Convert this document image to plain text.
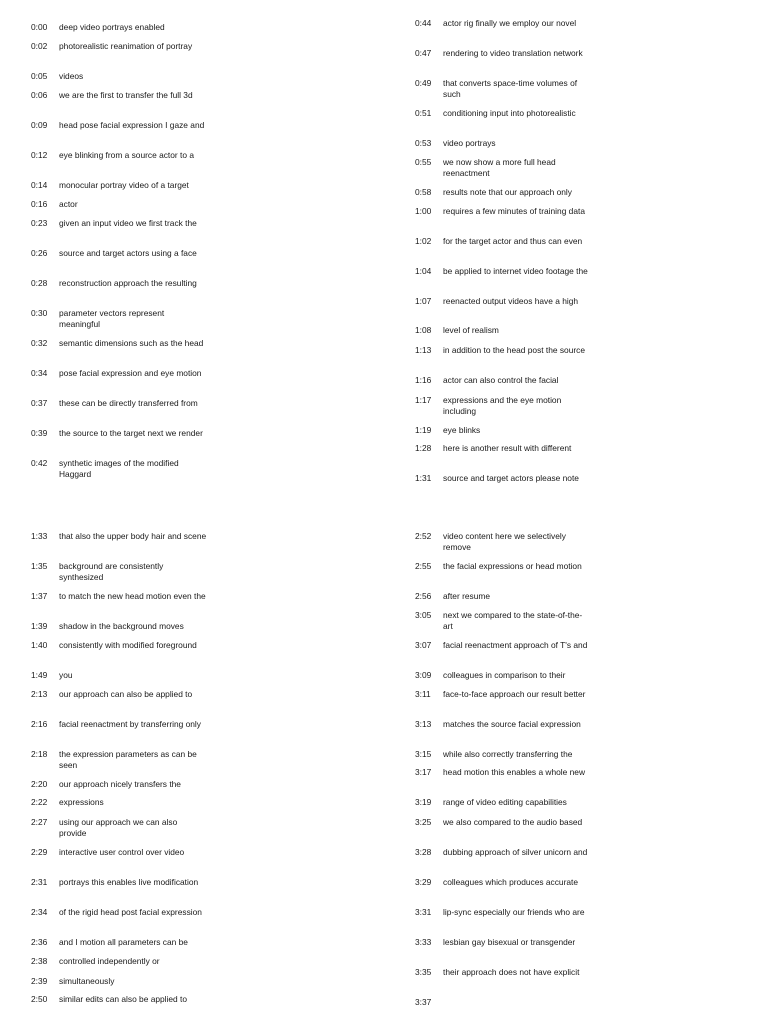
0:00	deep video portrays enabled
0:02	photorealistic reanimation of portray
0:05	videos
0:06	we are the first to transfer the full 3d
0:09	head pose facial expression I gaze and
0:12	eye blinking from a source actor to a
0:14	monocular portray video of a target
0:16	actor
0:23	given an input video we first track the
0:26	source and target actors using a face
0:28	reconstruction approach the resulting
0:30	parameter vectors represent meaningful
0:32	semantic dimensions such as the head
0:34	pose facial expression and eye motion
0:37	these can be directly transferred from
0:39	the source to the target next we render
0:42	synthetic images of the modified Haggard
0:44	actor rig finally we employ our novel
0:47	rendering to video translation network
0:49	that converts space-time volumes of such
0:51	conditioning input into photorealistic
0:53	video portrays
0:55	we now show a more full head reenactment
0:58	results note that our approach only
1:00	requires a few minutes of training data
1:02	for the target actor and thus can even
1:04	be applied to internet video footage the
1:07	reenacted output videos have a high
1:08	level of realism
1:13	in addition to the head post the source
1:16	actor can also control the facial
1:17	expressions and the eye motion including
1:19	eye blinks
1:28	here is another result with different
1:31	source and target actors please note
1:33	that also the upper body hair and scene
1:35	background are consistently synthesized
1:37	to match the new head motion even the
1:39	shadow in the background moves
1:40	consistently with modified foreground
1:49	you
2:13	our approach can also be applied to
2:16	facial reenactment by transferring only
2:18	the expression parameters as can be seen
2:20	our approach nicely transfers the
2:22	expressions
2:27	using our approach we can also provide
2:29	interactive user control over video
2:31	portrays this enables live modification
2:34	of the rigid head post facial expression
2:36	and I motion all parameters can be
2:38	controlled independently or
2:39	simultaneously
2:50	similar edits can also be applied to
2:52	video content here we selectively remove
2:55	the facial expressions or head motion
2:56	after resume
3:05	next we compared to the state-of-the-art
3:07	facial reenactment approach of T's and
3:09	colleagues in comparison to their
3:11	face-to-face approach our result better
3:13	matches the source facial expression
3:15	while also correctly transferring the
3:17	head motion this enables a whole new
3:19	range of video editing capabilities
3:25	we also compared to the audio based
3:28	dubbing approach of silver unicorn and
3:29	colleagues which produces accurate
3:31	lip-sync especially our friends who are
3:33	lesbian gay bisexual or transgender
3:35	their approach does not have explicit
3:37
